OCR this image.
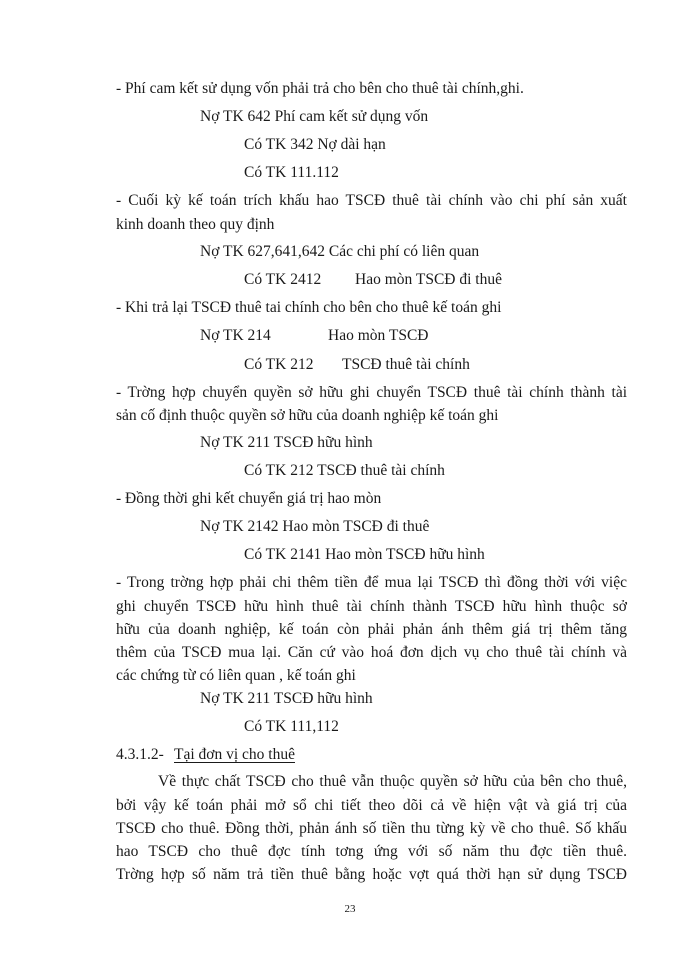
- Phí cam kết sử dụng vốn phải trả cho bên cho thuê tài chính,ghi.
Nợ TK 642 Phí cam kết sử dụng vốn
Có TK 342 Nợ dài hạn
Có TK 111.112
- Cuối kỳ kế toán trích khấu hao TSCĐ thuê tài chính vào chi phí sản xuất
kinh doanh theo quy định
Nợ TK 627,641,642 Các chi phí có liên quan
Có TK 2412 Hao mòn TSCĐ đi thuê
- Khi trả lại TSCĐ thuê tai chính cho bên cho thuê kế toán ghi
Nợ TK 214	Hao mòn TSCĐ
Có TK 212 TSCĐ thuê tài chính
- Trờng hợp chuyển quyền sở hữu ghi chuyển TSCĐ thuê tài chính thành tài
sản cố định thuộc quyền sở hữu của doanh nghiệp kế toán ghi
Nợ TK 211 TSCĐ hữu hình
Có TK 212 TSCĐ thuê tài chính
- Đồng thời ghi kết chuyển giá trị hao mòn
Nợ TK 2142 Hao mòn TSCĐ đi thuê
Có TK 2141 Hao mòn TSCĐ hữu hình
- Trong trờng hợp phải chi thêm tiền để mua lại TSCĐ thì đồng thời với việc
ghi chuyển TSCĐ hữu hình thuê tài chính thành TSCĐ hữu hình thuộc sở
hữu của doanh nghiệp, kế toán còn phải phản ánh thêm giá trị thêm tăng
thêm của TSCĐ mua lại. Căn cứ vào hoá đơn dịch vụ cho thuê tài chính và
các chứng từ có liên quan , kế toán ghi
Nợ TK 211 TSCĐ hữu hình
Có TK 111,112
4.3.1.2- Tại đơn vị cho thuê
Về thực chất TSCĐ cho thuê vẫn thuộc quyền sở hữu của bên cho thuê,
bởi vậy kế toán phải mở sổ chi tiết theo dõi cả về hiện vật và giá trị của
TSCĐ cho thuê. Đồng thời, phản ánh số tiền thu từng kỳ về cho thuê. Số khấu
hao TSCĐ cho thuê đợc tính tơng ứng với số năm thu đợc tiền thuê.
Trờng hợp số năm trả tiền thuê bằng hoặc vợt quá thời hạn sử dụng TSCĐ
23
